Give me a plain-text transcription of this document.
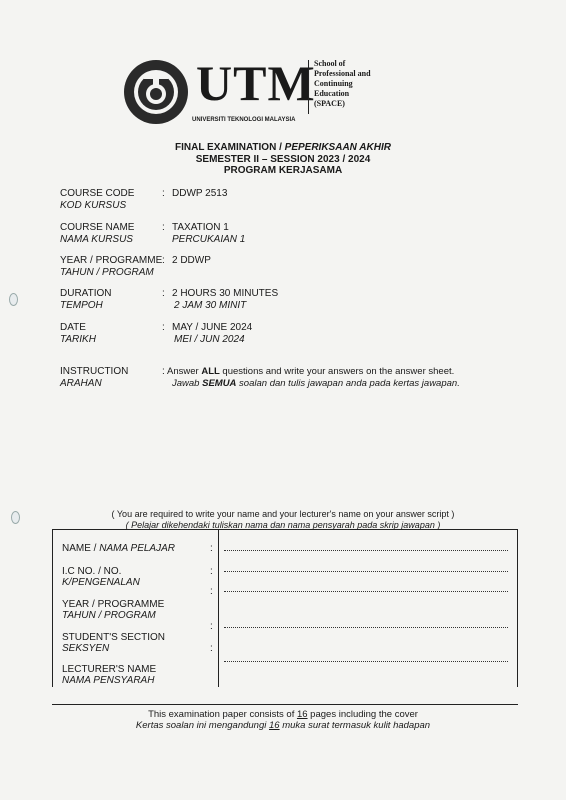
UTM
UNIVERSITI TEKNOLOGI MALAYSIA
School of
Professional and
Continuing
Education
(SPACE)
FINAL EXAMINATION / PEPERIKSAAN AKHIR
SEMESTER II – SESSION 2023 / 2024
PROGRAM KERJASAMA
COURSE CODE
KOD KURSUS
: DDWP 2513
COURSE NAME
NAMA KURSUS
: TAXATION 1
PERCUKAIAN 1
YEAR / PROGRAMME
TAHUN / PROGRAM
: 2 DDWP
DURATION
TEMPOH
: 2 HOURS 30 MINUTES
2 JAM 30 MINIT
DATE
TARIKH
: MAY / JUNE 2024
MEI / JUN 2024
INSTRUCTION
ARAHAN
: Answer ALL questions and write your answers on the answer sheet.
Jawab SEMUA soalan dan tulis jawapan anda pada kertas jawapan.
( You are required to write your name and your lecturer's name on your answer script )
( Pelajar dikehendaki tuliskan nama dan nama pensyarah pada skrip jawapan )
NAME / NAMA PELAJAR	:
I.C NO. / NO.
K/PENGENALAN
:
:
YEAR / PROGRAMME
TAHUN / PROGRAM
:
STUDENT'S SECTION
SEKSYEN	:
LECTURER'S NAME
NAMA PENSYARAH
This examination paper consists of 16 pages including the cover
Kertas soalan ini mengandungi 16 muka surat termasuk kulit hadapan
